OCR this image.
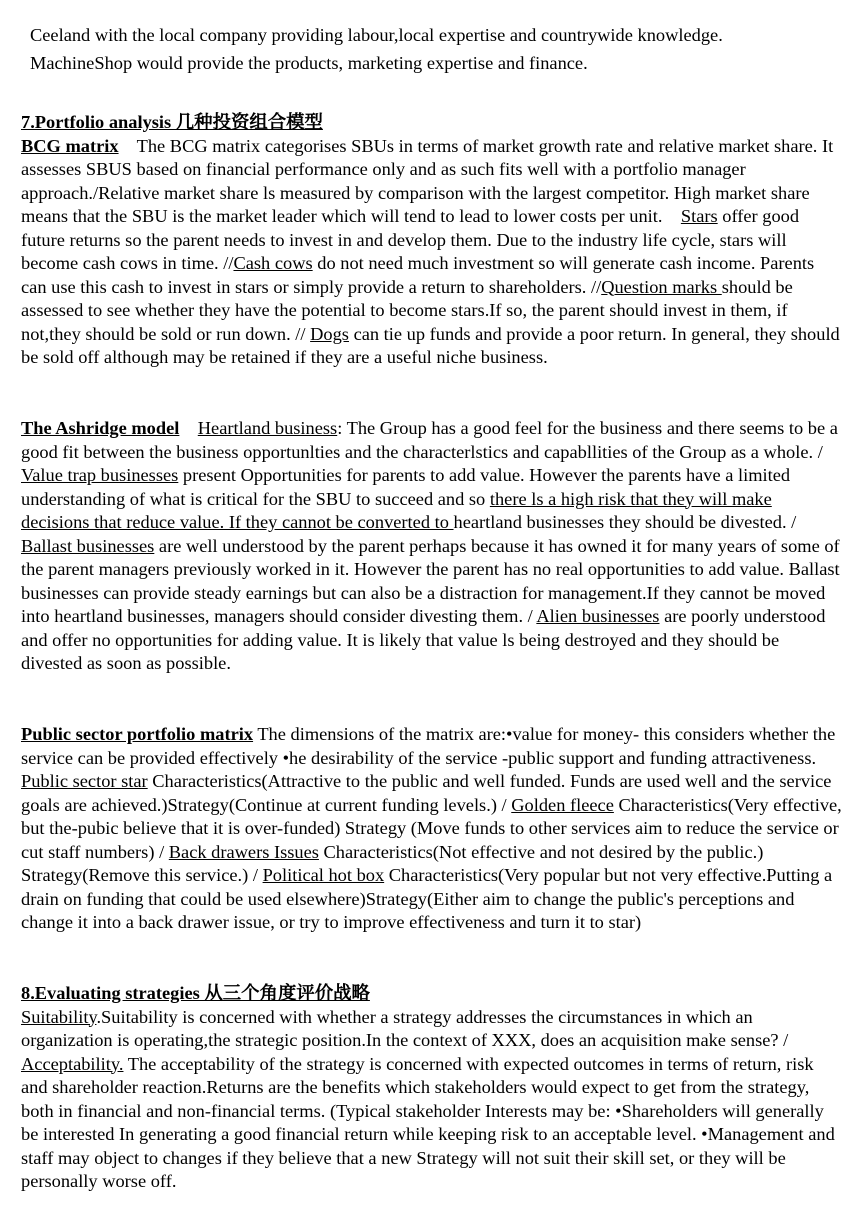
Ceeland with the local company providing labour,local expertise and countrywide knowledge.

MachineShop would provide the products, marketing expertise and finance.

7.Portfolio analysis 几种投资组合模型

BCG matrix    The BCG matrix categorises SBUs in terms of market growth rate and relative market share. It assesses SBUS based on financial performance only and as such fits well with a portfolio manager approach./Relative market share ls measured by comparison with the largest competitor. High market share means that the SBU is the market leader which will tend to lead to lower costs per unit.    Stars offer good future returns so the parent needs to invest in and develop them. Due to the industry life cycle, stars will become cash cows in time. //Cash cows do not need much investment so will generate cash income. Parents can use this cash to invest in stars or simply provide a return to shareholders. //Question marks should be assessed to see whether they have the potential to become stars.If so, the parent should invest in them, if not,they should be sold or run down. // Dogs can tie up funds and provide a poor return. In general, they should be sold off although may be retained if they are a useful niche business.

The Ashridge model Heartland business: The Group has a good feel for the business and there seems to be a good fit between the business opportunlties and the characterlstics and capabllities of the Group as a whole. / Value trap businesses present Opportunities for parents to add value. However the parents have a limited understanding of what is critical for the SBU to succeed and so there ls a high risk that they will make decisions that reduce value. If they cannot be converted to heartland businesses they should be divested. / Ballast businesses are well understood by the parent perhaps because it has owned it for many years of some of the parent managers previously worked in it. However the parent has no real opportunities to add value. Ballast businesses can provide steady earnings but can also be a distraction for management.If they cannot be moved into heartland businesses, managers should consider divesting them. / Alien businesses are poorly understood and offer no opportunities for adding value. It is likely that value ls being destroyed and they should be divested as soon as possible.

Public sector portfolio matrix The dimensions of the matrix are:•value for money- this considers whether the service can be provided effectively •he desirability of the service -public support and funding attractiveness. Public sector star Characteristics(Attractive to the public and well funded. Funds are used well and the service goals are achieved.)Strategy(Continue at current funding levels.) / Golden fleece Characteristics(Very effective, but the-pubic believe that it is over-funded) Strategy (Move funds to other services aim to reduce the service or cut staff numbers) / Back drawers Issues Characteristics(Not effective and not desired by the public.) Strategy(Remove this service.) / Political hot box Characteristics(Very popular but not very effective.Putting a drain on funding that could be used elsewhere)Strategy(Either aim to change the public's perceptions and change it into a back drawer issue, or try to improve effectiveness and turn it to star)

8.Evaluating strategies 从三个角度评价战略

Suitability.Suitability is concerned with whether a strategy addresses the circumstances in which an organization is operating,the strategic position.In the context of XXX, does an acquisition make sense? / Acceptability. The acceptability of the strategy is concerned with expected outcomes in terms of return, risk and shareholder reaction.Returns are the benefits which stakeholders would expect to get from the strategy, both in financial and non-financial terms. (Typical stakeholder Interests may be: •Shareholders will generally be interested In generating a good financial return while keeping risk to an acceptable level. •Management and staff may object to changes if they believe that a new Strategy will not suit their skill set, or they will be personally worse off.
